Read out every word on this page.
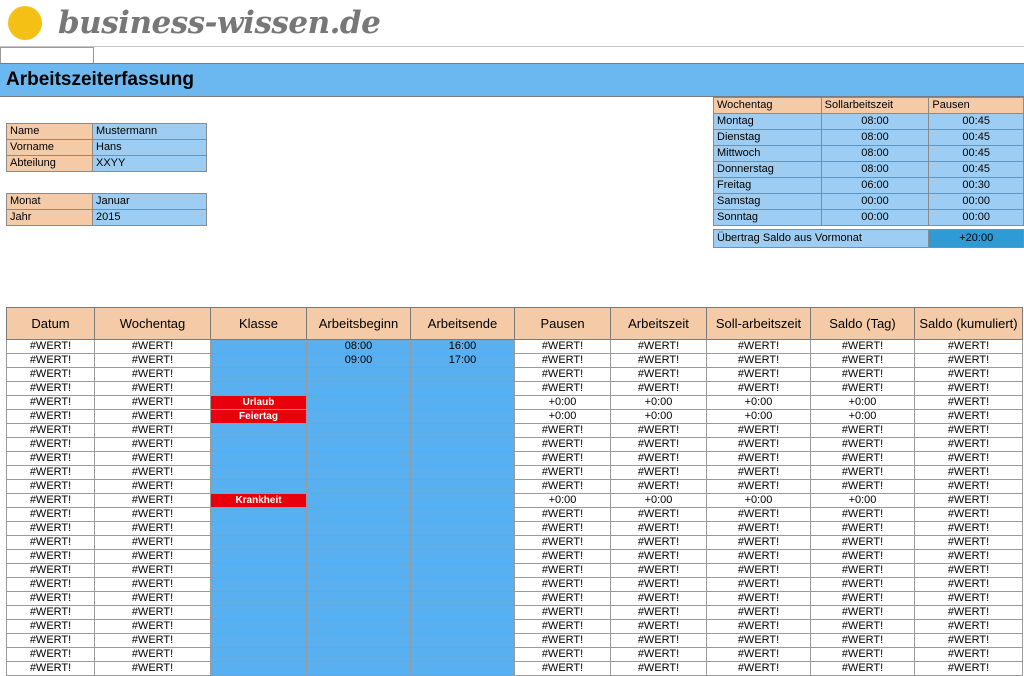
business-wissen.de
Arbeitszeiterfassung
Name	Mustermann
Vorname	Hans
Abteilung	XXYY
Monat	Januar
Jahr	2015
Wochentag	Sollarbeitszeit	Pausen
Montag	08:00	00:45
Dienstag	08:00	00:45
Mittwoch	08:00	00:45
Donnerstag	08:00	00:45
Freitag	06:00	00:30
Samstag	00:00	00:00
Sonntag	00:00	00:00
Übertrag Saldo aus Vormonat	+20:00
Datum	Wochentag	Klasse	Arbeitsbeginn	Arbeitsende	Pausen	Arbeitszeit	Soll-arbeitszeit	Saldo (Tag)	Saldo (kumuliert)
#WERT!	#WERT!		08:00	16:00	#WERT!	#WERT!	#WERT!	#WERT!	#WERT!
#WERT!	#WERT!		09:00	17:00	#WERT!	#WERT!	#WERT!	#WERT!	#WERT!
#WERT!	#WERT!				#WERT!	#WERT!	#WERT!	#WERT!	#WERT!
#WERT!	#WERT!				#WERT!	#WERT!	#WERT!	#WERT!	#WERT!
#WERT!	#WERT!	Urlaub			+0:00	+0:00	+0:00	+0:00	#WERT!
#WERT!	#WERT!	Feiertag			+0:00	+0:00	+0:00	+0:00	#WERT!
#WERT!	#WERT!				#WERT!	#WERT!	#WERT!	#WERT!	#WERT!
#WERT!	#WERT!				#WERT!	#WERT!	#WERT!	#WERT!	#WERT!
#WERT!	#WERT!				#WERT!	#WERT!	#WERT!	#WERT!	#WERT!
#WERT!	#WERT!				#WERT!	#WERT!	#WERT!	#WERT!	#WERT!
#WERT!	#WERT!				#WERT!	#WERT!	#WERT!	#WERT!	#WERT!
#WERT!	#WERT!	Krankheit			+0:00	+0:00	+0:00	+0:00	#WERT!
#WERT!	#WERT!				#WERT!	#WERT!	#WERT!	#WERT!	#WERT!
#WERT!	#WERT!				#WERT!	#WERT!	#WERT!	#WERT!	#WERT!
#WERT!	#WERT!				#WERT!	#WERT!	#WERT!	#WERT!	#WERT!
#WERT!	#WERT!				#WERT!	#WERT!	#WERT!	#WERT!	#WERT!
#WERT!	#WERT!				#WERT!	#WERT!	#WERT!	#WERT!	#WERT!
#WERT!	#WERT!				#WERT!	#WERT!	#WERT!	#WERT!	#WERT!
#WERT!	#WERT!				#WERT!	#WERT!	#WERT!	#WERT!	#WERT!
#WERT!	#WERT!				#WERT!	#WERT!	#WERT!	#WERT!	#WERT!
#WERT!	#WERT!				#WERT!	#WERT!	#WERT!	#WERT!	#WERT!
#WERT!	#WERT!				#WERT!	#WERT!	#WERT!	#WERT!	#WERT!
#WERT!	#WERT!				#WERT!	#WERT!	#WERT!	#WERT!	#WERT!
#WERT!	#WERT!				#WERT!	#WERT!	#WERT!	#WERT!	#WERT!
